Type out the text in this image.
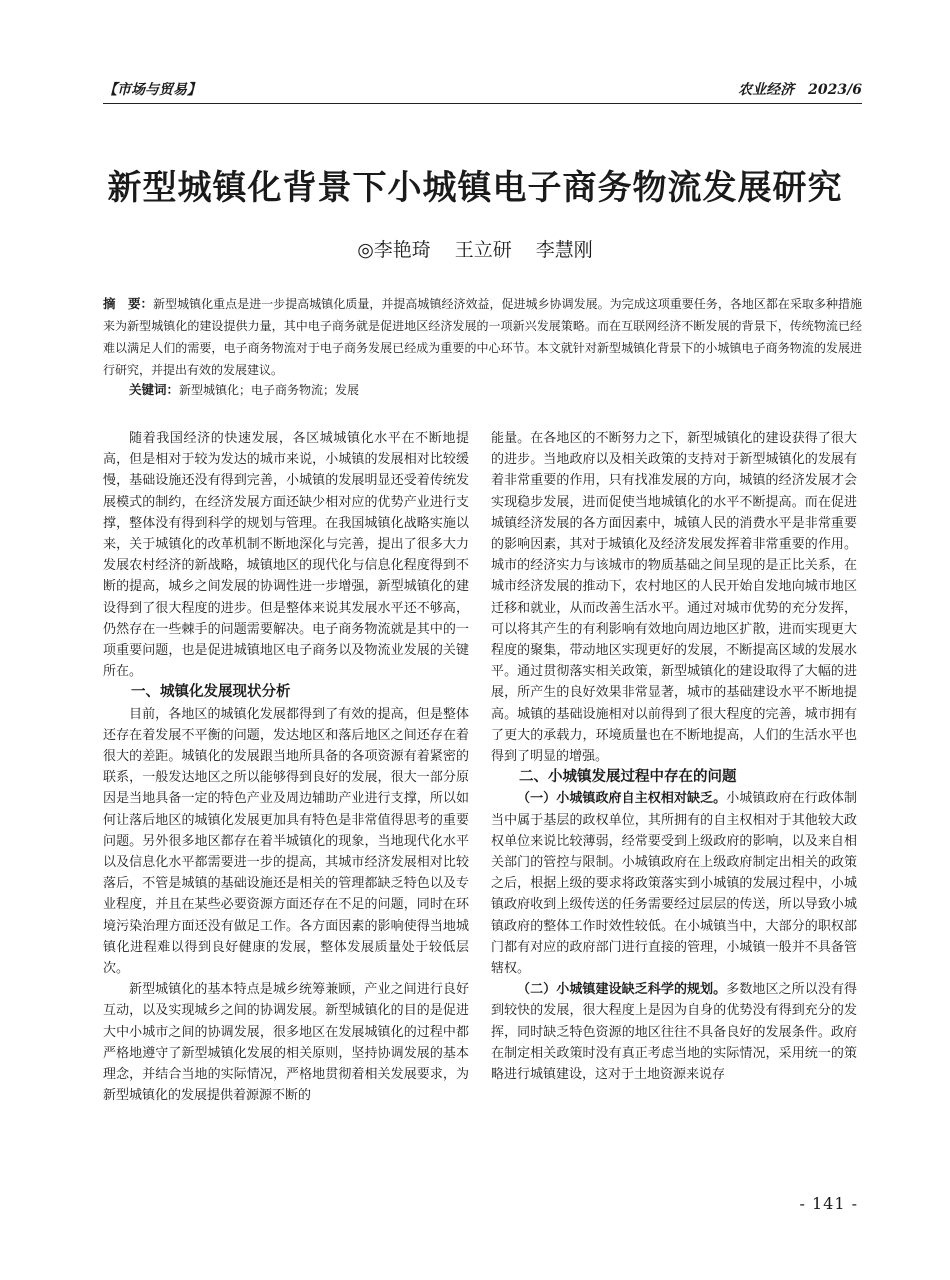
【市场与贸易】	农业经济　2023/6
新型城镇化背景下小城镇电子商务物流发展研究
◎李艳琦 王立研 李慧刚
摘　要：新型城镇化重点是进一步提高城镇化质量，并提高城镇经济效益，促进城乡协调发展。为完成这项重要任务，各地区都在采取多种措施来为新型城镇化的建设提供力量，其中电子商务就是促进地区经济发展的一项新兴发展策略。而在互联网经济不断发展的背景下，传统物流已经难以满足人们的需要，电子商务物流对于电子商务发展已经成为重要的中心环节。本文就针对新型城镇化背景下的小城镇电子商务物流的发展进行研究，并提出有效的发展建议。
关键词：新型城镇化；电子商务物流；发展

随着我国经济的快速发展，各区城城镇化水平在不断地提高，但是相对于较为发达的城市来说，小城镇的发展相对比较缓慢，基础设施还没有得到完善，小城镇的发展明显还受着传统发展模式的制约，在经济发展方面还缺少相对应的优势产业进行支撑，整体没有得到科学的规划与管理。在我国城镇化战略实施以来，关于城镇化的改革机制不断地深化与完善，提出了很多大力发展农村经济的新战略，城镇地区的现代化与信息化程度得到不断的提高，城乡之间发展的协调性进一步增强，新型城镇化的建设得到了很大程度的进步。但是整体来说其发展水平还不够高，仍然存在一些棘手的问题需要解决。电子商务物流就是其中的一项重要问题，也是促进城镇地区电子商务以及物流业发展的关键所在。

一、城镇化发展现状分析

目前，各地区的城镇化发展都得到了有效的提高，但是整体还存在着发展不平衡的问题，发达地区和落后地区之间还存在着很大的差距。城镇化的发展跟当地所具备的各项资源有着紧密的联系，一般发达地区之所以能够得到良好的发展，很大一部分原因是当地具备一定的特色产业及周边辅助产业进行支撑，所以如何让落后地区的城镇化发展更加具有特色是非常值得思考的重要问题。另外很多地区都存在着半城镇化的现象，当地现代化水平以及信息化水平都需要进一步的提高，其城市经济发展相对比较落后，不管是城镇的基础设施还是相关的管理都缺乏特色以及专业程度，并且在某些必要资源方面还存在不足的问题，同时在环境污染治理方面还没有做足工作。各方面因素的影响使得当地城镇化进程难以得到良好健康的发展，整体发展质量处于较低层次。

新型城镇化的基本特点是城乡统筹兼顾，产业之间进行良好互动，以及实现城乡之间的协调发展。新型城镇化的目的是促进大中小城市之间的协调发展，很多地区在发展城镇化的过程中都严格地遵守了新型城镇化发展的相关原则，坚持协调发展的基本理念，并结合当地的实际情况，严格地贯彻着相关发展要求，为新型城镇化的发展提供着源源不断的

能量。在各地区的不断努力之下，新型城镇化的建设获得了很大的进步。当地政府以及相关政策的支持对于新型城镇化的发展有着非常重要的作用，只有找准发展的方向，城镇的经济发展才会实现稳步发展，进而促使当地城镇化的水平不断提高。而在促进城镇经济发展的各方面因素中，城镇人民的消费水平是非常重要的影响因素，其对于城镇化及经济发展发挥着非常重要的作用。城市的经济实力与该城市的物质基础之间呈现的是正比关系，在城市经济发展的推动下，农村地区的人民开始自发地向城市地区迁移和就业，从而改善生活水平。通过对城市优势的充分发挥，可以将其产生的有利影响有效地向周边地区扩散，进而实现更大程度的聚集，带动地区实现更好的发展，不断提高区域的发展水平。通过贯彻落实相关政策，新型城镇化的建设取得了大幅的进展，所产生的良好效果非常显著，城市的基础建设水平不断地提高。城镇的基础设施相对以前得到了很大程度的完善，城市拥有了更大的承载力，环境质量也在不断地提高，人们的生活水平也得到了明显的增强。

二、小城镇发展过程中存在的问题

（一）小城镇政府自主权相对缺乏。小城镇政府在行政体制当中属于基层的政权单位，其所拥有的自主权相对于其他较大政权单位来说比较薄弱，经常要受到上级政府的影响，以及来自相关部门的管控与限制。小城镇政府在上级政府制定出相关的政策之后，根据上级的要求将政策落实到小城镇的发展过程中，小城镇政府收到上级传送的任务需要经过层层的传送，所以导致小城镇政府的整体工作时效性较低。在小城镇当中，大部分的职权部门都有对应的政府部门进行直接的管理，小城镇一般并不具备管辖权。

（二）小城镇建设缺乏科学的规划。多数地区之所以没有得到较快的发展，很大程度上是因为自身的优势没有得到充分的发挥，同时缺乏特色资源的地区往往不具备良好的发展条件。政府在制定相关政策时没有真正考虑当地的实际情况，采用统一的策略进行城镇建设，这对于土地资源来说存

- 141 -
